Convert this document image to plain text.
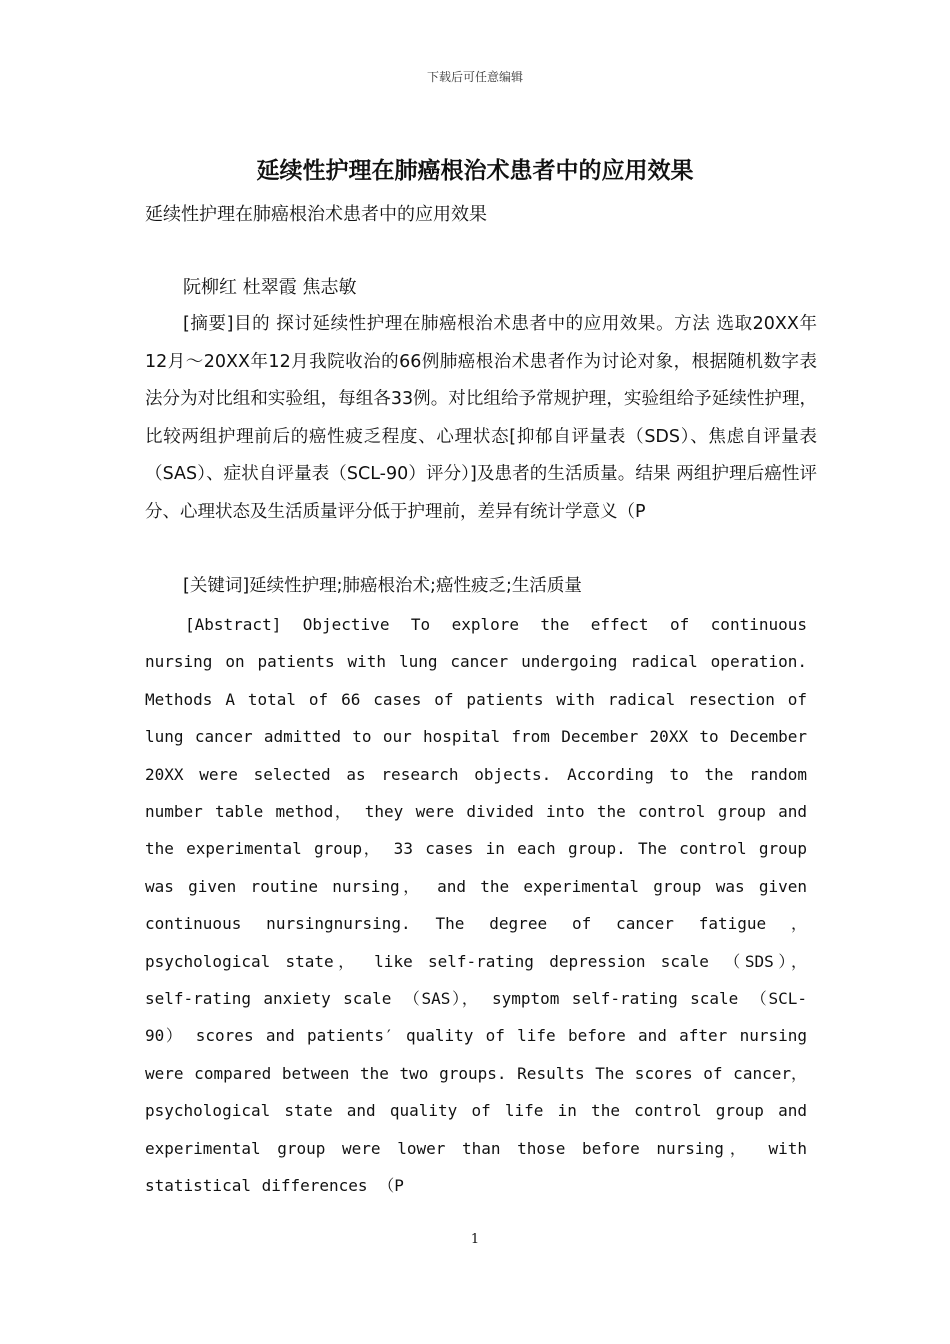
下载后可任意编辑
延续性护理在肺癌根治术患者中的应用效果
延续性护理在肺癌根治术患者中的应用效果
阮柳红 杜翠霞 焦志敏

[摘要]目的 探讨延续性护理在肺癌根治术患者中的应用效果。方法 选取20XX年12月～20XX年12月我院收治的66例肺癌根治术患者作为讨论对象，根据随机数字表法分为对比组和实验组，每组各33例。对比组给予常规护理，实验组给予延续性护理，比较两组护理前后的癌性疲乏程度、心理状态[抑郁自评量表（SDS）、焦虑自评量表（SAS）、症状自评量表（SCL-90）评分）]及患者的生活质量。结果 两组护理后癌性评分、心理状态及生活质量评分低于护理前，差异有统计学意义（P

[关键词]延续性护理;肺癌根治术;癌性疲乏;生活质量

[Abstract] Objective To explore the effect of continuous nursing on patients with lung cancer undergoing radical operation. Methods A total of 66 cases of patients with radical resection of lung cancer admitted to our hospital from December 20XX to December 20XX were selected as research objects. According to the random number table method， they were divided into the control group and the experimental group， 33 cases in each group. The control group was given routine nursing， and the experimental group was given continuous nursingnursing. The degree of cancer fatigue ， psychological state， like self-rating depression scale （SDS）， self-rating anxiety scale （SAS）， symptom self-rating scale （SCL-90） scores and patients′ quality of life before and after nursing were compared between the two groups. Results The scores of cancer， psychological state and quality of life in the control group and experimental group were lower than those before nursing， with statistical differences （P

1
